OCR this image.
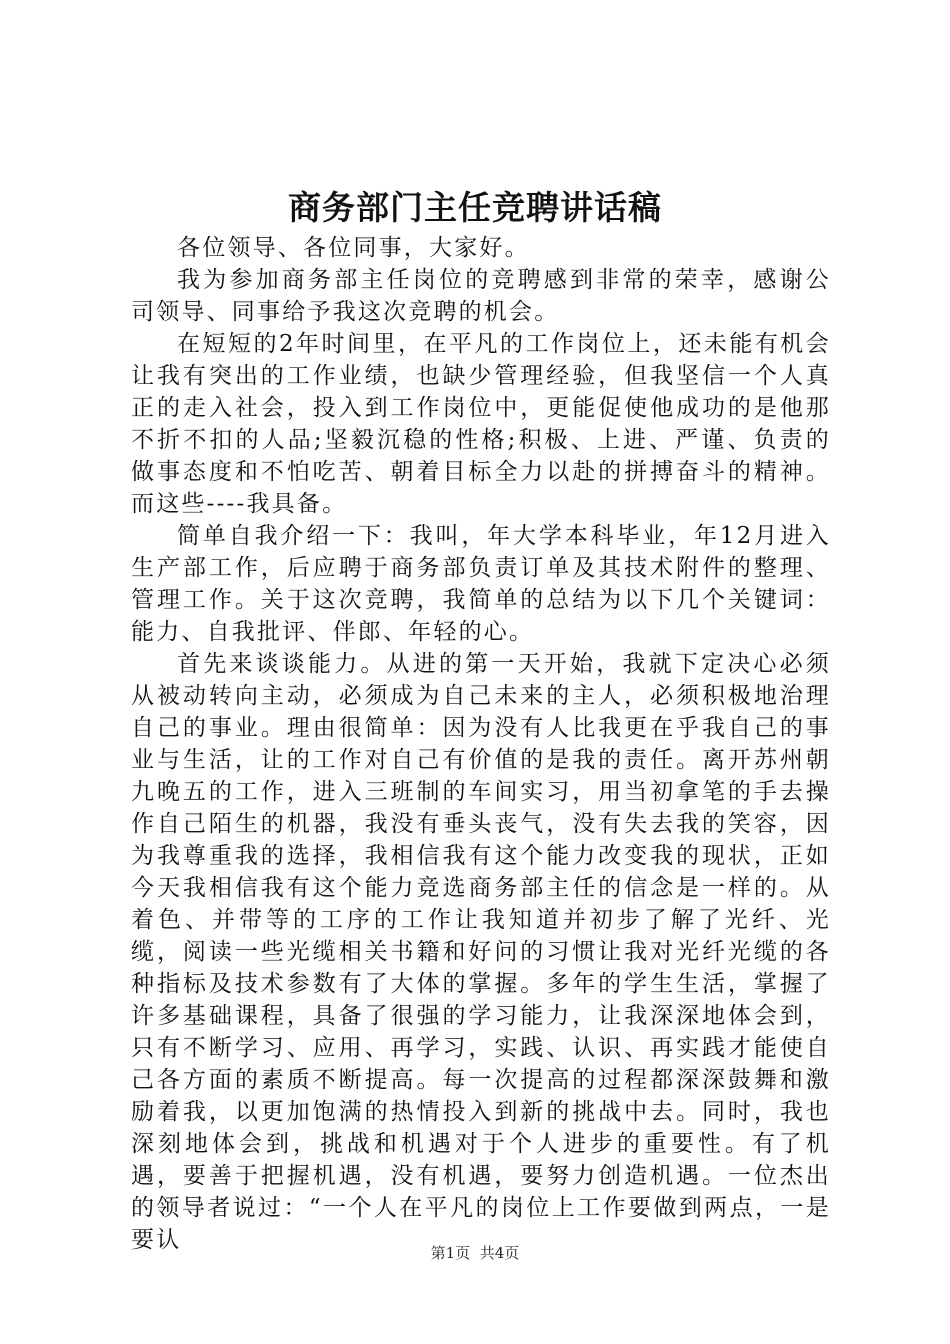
商务部门主任竞聘讲话稿

各位领导、各位同事，大家好。

我为参加商务部主任岗位的竞聘感到非常的荣幸，感谢公司领导、同事给予我这次竞聘的机会。

在短短的2年时间里，在平凡的工作岗位上，还未能有机会让我有突出的工作业绩，也缺少管理经验，但我坚信一个人真正的走入社会，投入到工作岗位中，更能促使他成功的是他那不折不扣的人品;坚毅沉稳的性格;积极、上进、严谨、负责的做事态度和不怕吃苦、朝着目标全力以赴的拼搏奋斗的精神。而这些----我具备。

简单自我介绍一下：我叫，年大学本科毕业，年12月进入生产部工作，后应聘于商务部负责订单及其技术附件的整理、管理工作。关于这次竞聘，我简单的总结为以下几个关键词：能力、自我批评、伴郎、年轻的心。

首先来谈谈能力。从进的第一天开始，我就下定决心必须从被动转向主动，必须成为自己未来的主人，必须积极地治理自己的事业。理由很简单：因为没有人比我更在乎我自己的事业与生活，让的工作对自己有价值的是我的责任。离开苏州朝九晚五的工作，进入三班制的车间实习，用当初拿笔的手去操作自己陌生的机器，我没有垂头丧气，没有失去我的笑容，因为我尊重我的选择，我相信我有这个能力改变我的现状，正如今天我相信我有这个能力竞选商务部主任的信念是一样的。从着色、并带等的工序的工作让我知道并初步了解了光纤、光缆，阅读一些光缆相关书籍和好问的习惯让我对光纤光缆的各种指标及技术参数有了大体的掌握。多年的学生生活，掌握了许多基础课程，具备了很强的学习能力，让我深深地体会到，只有不断学习、应用、再学习，实践、认识、再实践才能使自己各方面的素质不断提高。每一次提高的过程都深深鼓舞和激励着我，以更加饱满的热情投入到新的挑战中去。同时，我也深刻地体会到，挑战和机遇对于个人进步的重要性。有了机遇，要善于把握机遇，没有机遇，要努力创造机遇。一位杰出的领导者说过：“一个人在平凡的岗位上工作要做到两点，一是要认	第1页 共4页
